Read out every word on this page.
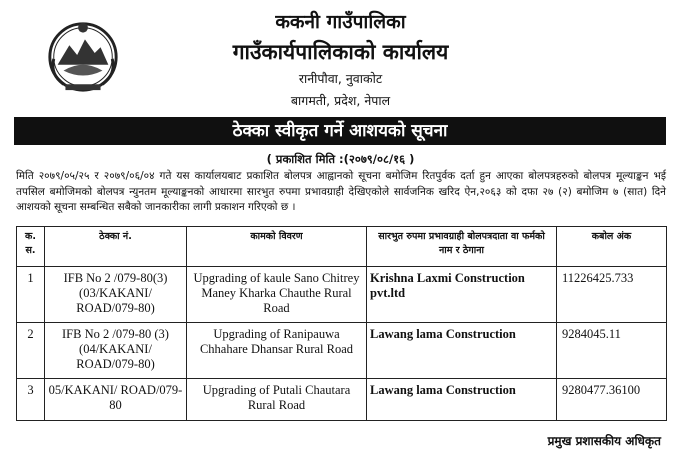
ककनी गाउँपालिका
गाउँकार्यपालिकाको कार्यालय
रानीपौवा, नुवाकोट
बागमती, प्रदेश, नेपाल
ठेक्का स्वीकृत गर्ने आशयको सूचना
( प्रकाशित मिति :(२०७९/०८/१६ )
मिति २०७९/०५/२५ र २०७९/०६/०४ गते यस कार्यालयबाट प्रकाशित बोलपत्र आह्वानको सूचना बमोजिम रितपुर्वक दर्ता हुन आएका बोलपत्रहरुको बोलपत्र मूल्याङ्कन भई तपसिल बमोजिमको बोलपत्र न्युनतम मूल्याङ्कनको आधारमा सारभुत रुपमा प्रभावग्राही देखिएकोले सार्वजनिक खरिद ऐन,२०६३ को दफा २७ (२) बमोजिम ७ (सात) दिने आशयको सूचना सम्बन्धित सबैको जानकारीका लागी प्रकाशन गरिएको छ ।
क. स.	ठेक्का नं.	कामको विवरण	सारभुत रुपमा प्रभावग्राही बोलपत्रदाता वा फर्मको नाम र ठेगाना	कबोल अंक
1	IFB No 2 /079-80(3) (03/KAKANI/ ROAD/079-80)	Upgrading of kaule Sano Chitrey Maney Kharka Chauthe Rural Road	Krishna Laxmi Construction pvt.ltd	11226425.733
2	IFB No 2 /079-80 (3)(04/KAKANI/ ROAD/079-80)	Upgrading of Ranipauwa Chhahare Dhansar Rural Road	Lawang lama Construction	9284045.11
3	05/KAKANI/ ROAD/079-80	Upgrading of Putali Chautara Rural Road	Lawang lama Construction	9280477.36100
प्रमुख प्रशासकीय अधिकृत
